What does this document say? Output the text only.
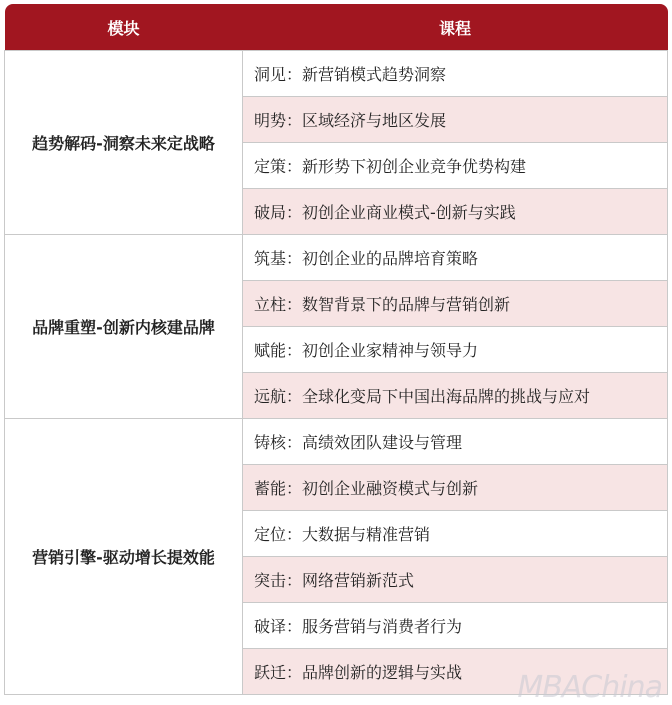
模块	课程
趋势解码-洞察未来定战略	洞见：新营销模式趋势洞察
	明势：区域经济与地区发展
	定策：新形势下初创企业竞争优势构建
	破局：初创企业商业模式-创新与实践
品牌重塑-创新内核建品牌	筑基：初创企业的品牌培育策略
	立柱：数智背景下的品牌与营销创新
	赋能：初创企业家精神与领导力
	远航：全球化变局下中国出海品牌的挑战与应对
营销引擎-驱动增长提效能	铸核：高绩效团队建设与管理
	蓄能：初创企业融资模式与创新
	定位：大数据与精准营销
	突击：网络营销新范式
	破译：服务营销与消费者行为
	跃迁：品牌创新的逻辑与实战 MBAChina
